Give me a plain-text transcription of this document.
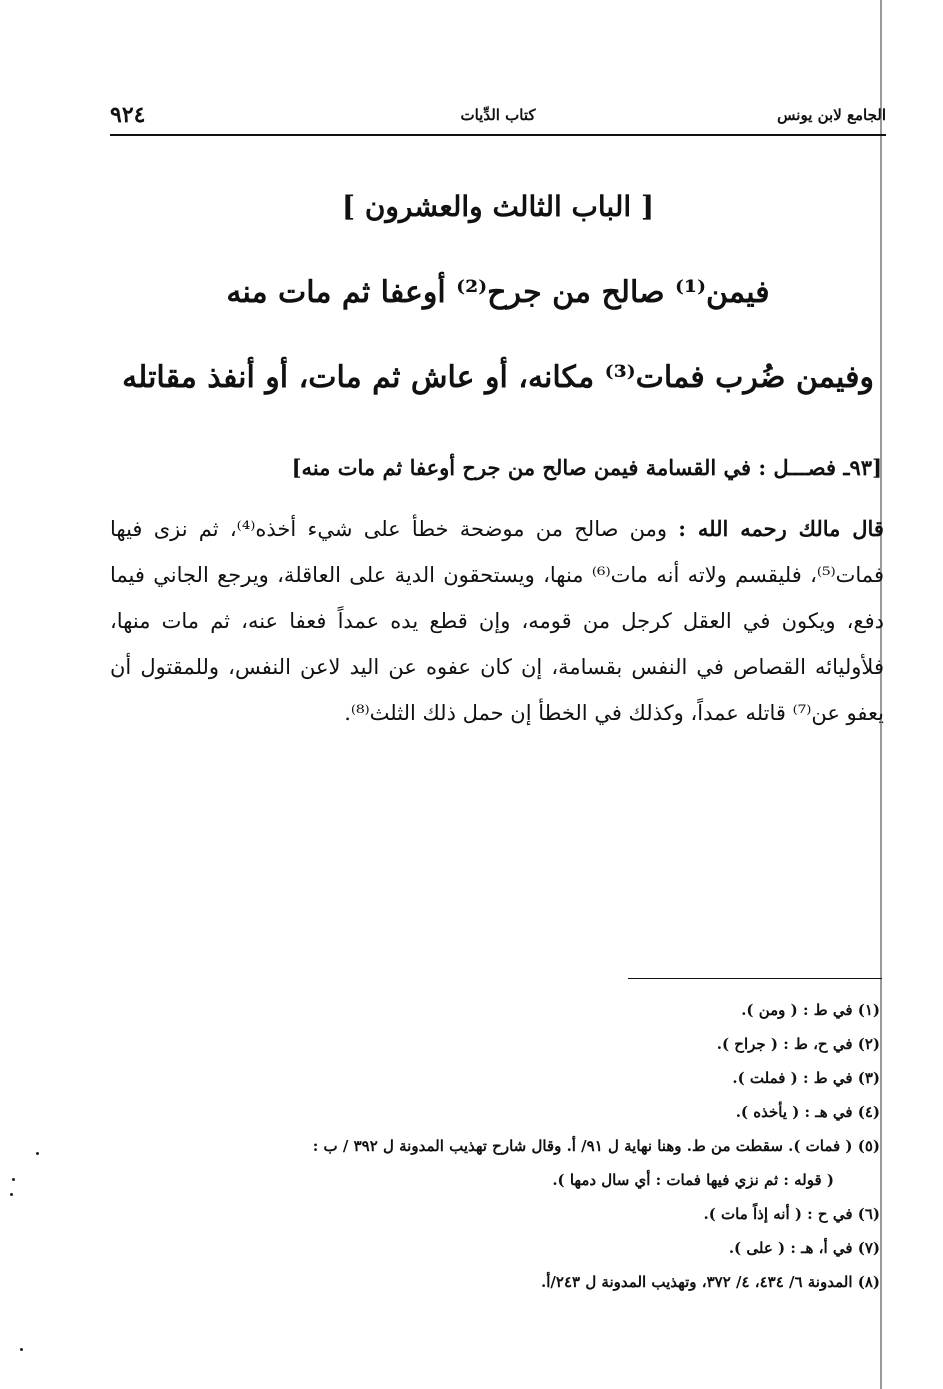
٩٢٤	كتاب الدِّيات	الجامع لابن يونس
[ الباب الثالث والعشرون ]
فيمن⁽¹⁾ صالح من جرح⁽²⁾ أوعفا ثم مات منه
وفيمن ضُرب فمات⁽³⁾ مكانه، أو عاش ثم مات، أو أنفذ مقاتله
[٩٣ـ فصـــل : في القسامة فيمن صالح من جرح أوعفا ثم مات منه]
قال مالك رحمه الله : ومن صالح من موضحة خطأ على شيء أخذه⁽⁴⁾، ثم نزى فيها فمات⁽⁵⁾، فليقسم ولاته أنه مات⁽⁶⁾ منها، ويستحقون الدية على العاقلة، ويرجع الجاني فيما دفع، ويكون في العقل كرجل من قومه، وإن قطع يده عمداً فعفا عنه، ثم مات منها، فلأوليائه القصاص في النفس بقسامة، إن كان عفوه عن اليد لاعن النفس، وللمقتول أن يعفو عن⁽⁷⁾ قاتله عمداً، وكذلك في الخطأ إن حمل ذلك الثلث⁽⁸⁾.
(١) في ط : ( ومن ).
(٢) في ح، ط : ( جراح ).
(٣) في ط : ( فملت ).
(٤) في هـ : ( يأخذه ).
(٥) ( فمات ). سقطت من ط. وهنا نهاية ل ٩١/ أ. وقال شارح تهذيب المدونة ل ٣٩٢ / ب :
( قوله : ثم نزي فيها فمات : أي سال دمها ).
(٦) في ح : ( أنه إذاً مات ).
(٧) في أ، هـ : ( على ).
(٨) المدونة ٦/ ٤٣٤، ٤/ ٣٧٢، وتهذيب المدونة ل ٢٤٣/أ.
